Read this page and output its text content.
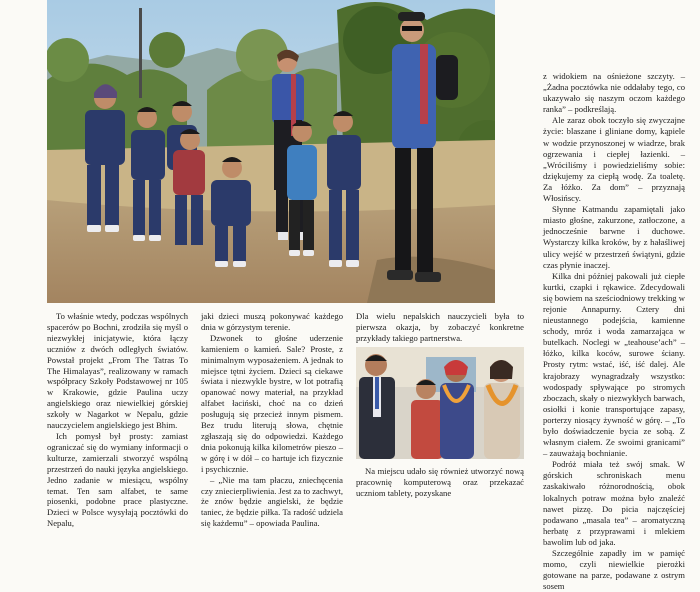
To właśnie wtedy, podczas wspólnych spacerów po Bochni, zrodziła się myśl o niezwykłej inicjatywie, która łączy uczniów z dwóch odległych światów. Powstał projekt „From The Tatras To The Himalayas”, realizowany w ramach współpracy Szkoły Podstawowej nr 105 w Krakowie, gdzie Paulina uczy angielskiego oraz niewielkiej górskiej szkoły w Nagarkot w Nepalu, gdzie nauczycielem angielskiego jest Bhim.

Ich pomysł był prosty: zamiast ograniczać się do wymiany informacji o kulturze, zamierzali stworzyć wspólną przestrzeń do nauki języka angielskiego. Jedno zadanie w miesiącu, wspólny temat. Ten sam alfabet, te same piosenki, podobne prace plastyczne. Dzieci w Polsce wysyłają pocztówki do Nepalu,

jaki dzieci muszą pokonywać każdego dnia w górzystym terenie.

Dzwonek to głośne uderzenie kamieniem o kamień. Sale? Proste, z minimalnym wyposażeniem. A jednak to miejsce tętni życiem. Dzieci są ciekawe świata i niezwykle bystre, w lot potrafią opanować nowy materiał, na przykład alfabet łaciński, choć na co dzień posługują się przecież innym pismem. Bez trudu literują słowa, chętnie zgłaszają się do odpowiedzi. Każdego dnia pokonują kilka kilometrów pieszo – w górę i w dół – co hartuje ich fizycznie i psychicznie.

– „Nie ma tam płaczu, zniechęcenia czy zniecierpliwienia. Jest za to zachwyt, że znów będzie angielski, że będzie taniec, że będzie piłka. Ta radość udziela się każdemu” – opowiada Paulina.

Dla wielu nepalskich nauczycieli była to pierwsza okazja, by zobaczyć konkretne przykłady takiego partnerstwa.

Na miejscu udało się również utworzyć nową pracownię komputerową oraz przekazać uczniom tablety, pozyskane

z widokiem na ośnieżone szczyty. – „Żadna pocztówka nie oddałaby tego, co ukazywało się naszym oczom każdego ranka” – podkreślają.

Ale zaraz obok toczyło się zwyczajne życie: blaszane i gliniane domy, kąpiele w wodzie przynoszonej w wiadrze, brak ogrzewania i ciepłej łazienki. – „Wróciliśmy i powiedzieliśmy sobie: dziękujemy za ciepłą wodę. Za toaletę. Za łóżko. Za dom” – przyznają Włosińscy.

Słynne Katmandu zapamiętali jako miasto głośne, zakurzone, zatłoczone, a jednocześnie barwne i duchowe. Wystarczy kilka kroków, by z hałaśliwej ulicy wejść w przestrzeń świątyni, gdzie czas płynie inaczej.

Kilka dni później pakowali już ciepłe kurtki, czapki i rękawice. Zdecydowali się bowiem na sześciodniowy trekking w rejonie Annapurny. Cztery dni nieustannego podejścia, kamienne schody, mróz i woda zamarzająca w butelkach. Noclegi w „teahouse’ach” – łóżko, kilka koców, surowe ściany. Prosty rytm: wstać, iść, iść dalej. Ale krajobrazy wynagradzały wszystko: wodospady spływające po stromych zboczach, skały o niezwykłych barwach, osiołki i konie transportujące zapasy, porterzy niosący żywność w górę. – „To było doświadczenie bycia ze sobą. Z własnym ciałem. Ze swoimi granicami” – zauważają bochnianie.

Podróż miała też swój smak. W górskich schroniskach menu zaskakiwało różnorodnością, obok lokalnych potraw można było znaleźć nawet pizzę. Do picia najczęściej podawano „masala tea” – aromatyczną herbatę z przyprawami i mlekiem bawolim lub od jaka.

Szczególnie zapadły im w pamięć momo, czyli niewielkie pierożki gotowane na parze, podawane z ostrym sosem
